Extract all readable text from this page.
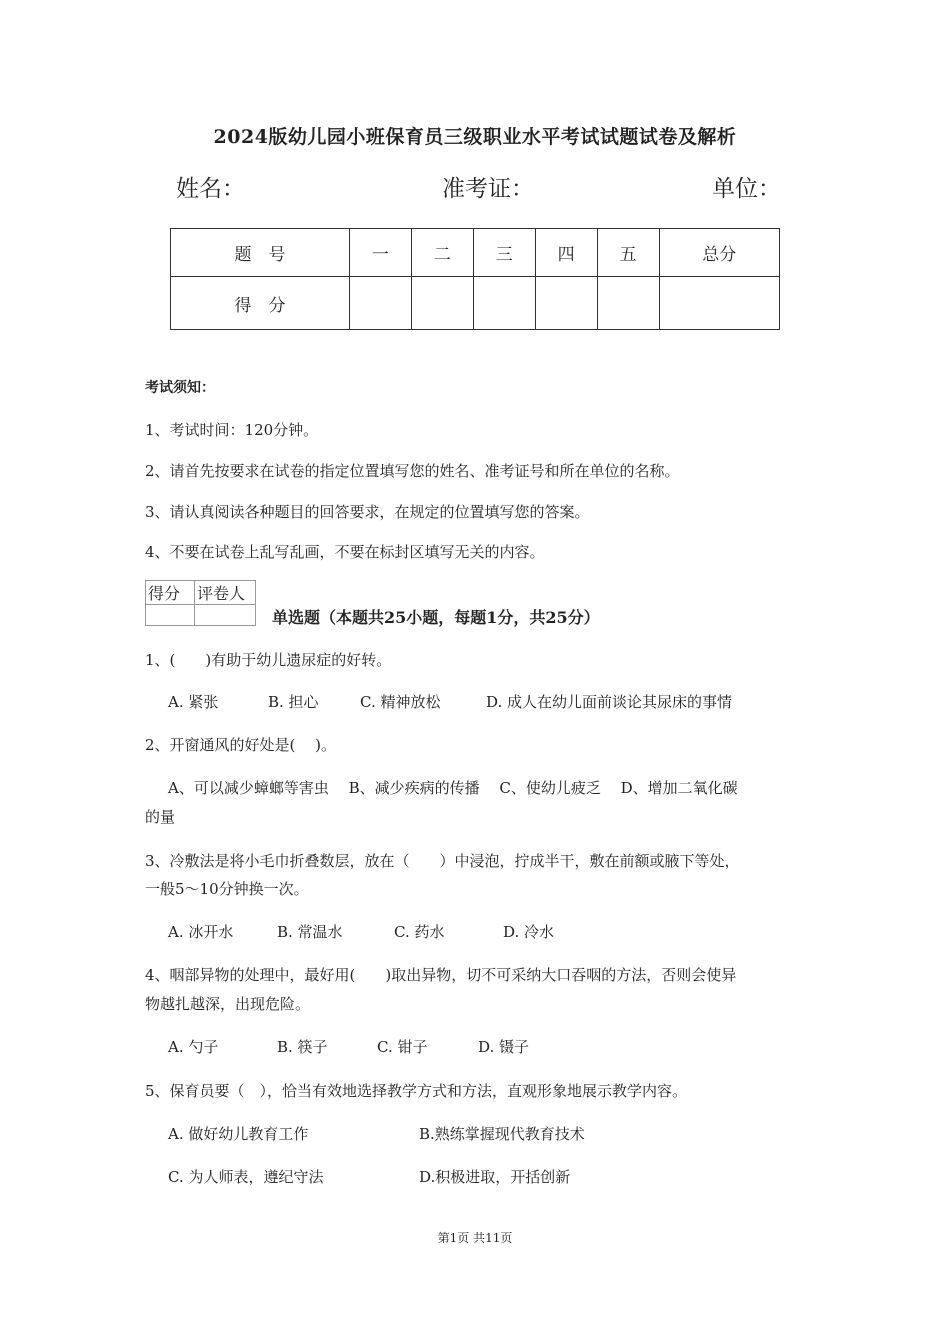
2024版幼儿园小班保育员三级职业水平考试试题试卷及解析
姓名：	准考证：	单位：
题　号	一	二	三	四	五	总分
得　分						
考试须知：
1、考试时间：120分钟。
2、请首先按要求在试卷的指定位置填写您的姓名、准考证号和所在单位的名称。
3、请认真阅读各种题目的回答要求，在规定的位置填写您的答案。
4、不要在试卷上乱写乱画，不要在标封区填写无关的内容。
得分	评卷人

单选题（本题共25小题，每题1分，共25分）
1、(　　)有助于幼儿遗尿症的好转。
A. 紧张	B. 担心	C. 精神放松	D. 成人在幼儿面前谈论其尿床的事情
2、开窗通风的好处是(　 )。
A、可以减少蟑螂等害虫　 B、减少疾病的传播　 C、使幼儿疲乏　 D、增加二氧化碳
的量
3、冷敷法是将小毛巾折叠数层，放在（　　）中浸泡，拧成半干，敷在前额或腋下等处，
一般5～10分钟换一次。
A. 冰开水	B. 常温水	C. 药水	D. 冷水
4、咽部异物的处理中，最好用(　　)取出异物，切不可采纳大口吞咽的方法，否则会使异
物越扎越深，出现危险。
A. 勺子	B. 筷子	C. 钳子	D. 镊子
5、保育员要（　），恰当有效地选择教学方式和方法，直观形象地展示教学内容。
A. 做好幼儿教育工作	B.熟练掌握现代教育技术
C. 为人师表，遵纪守法	D.积极进取，开括创新
第1页 共11页
